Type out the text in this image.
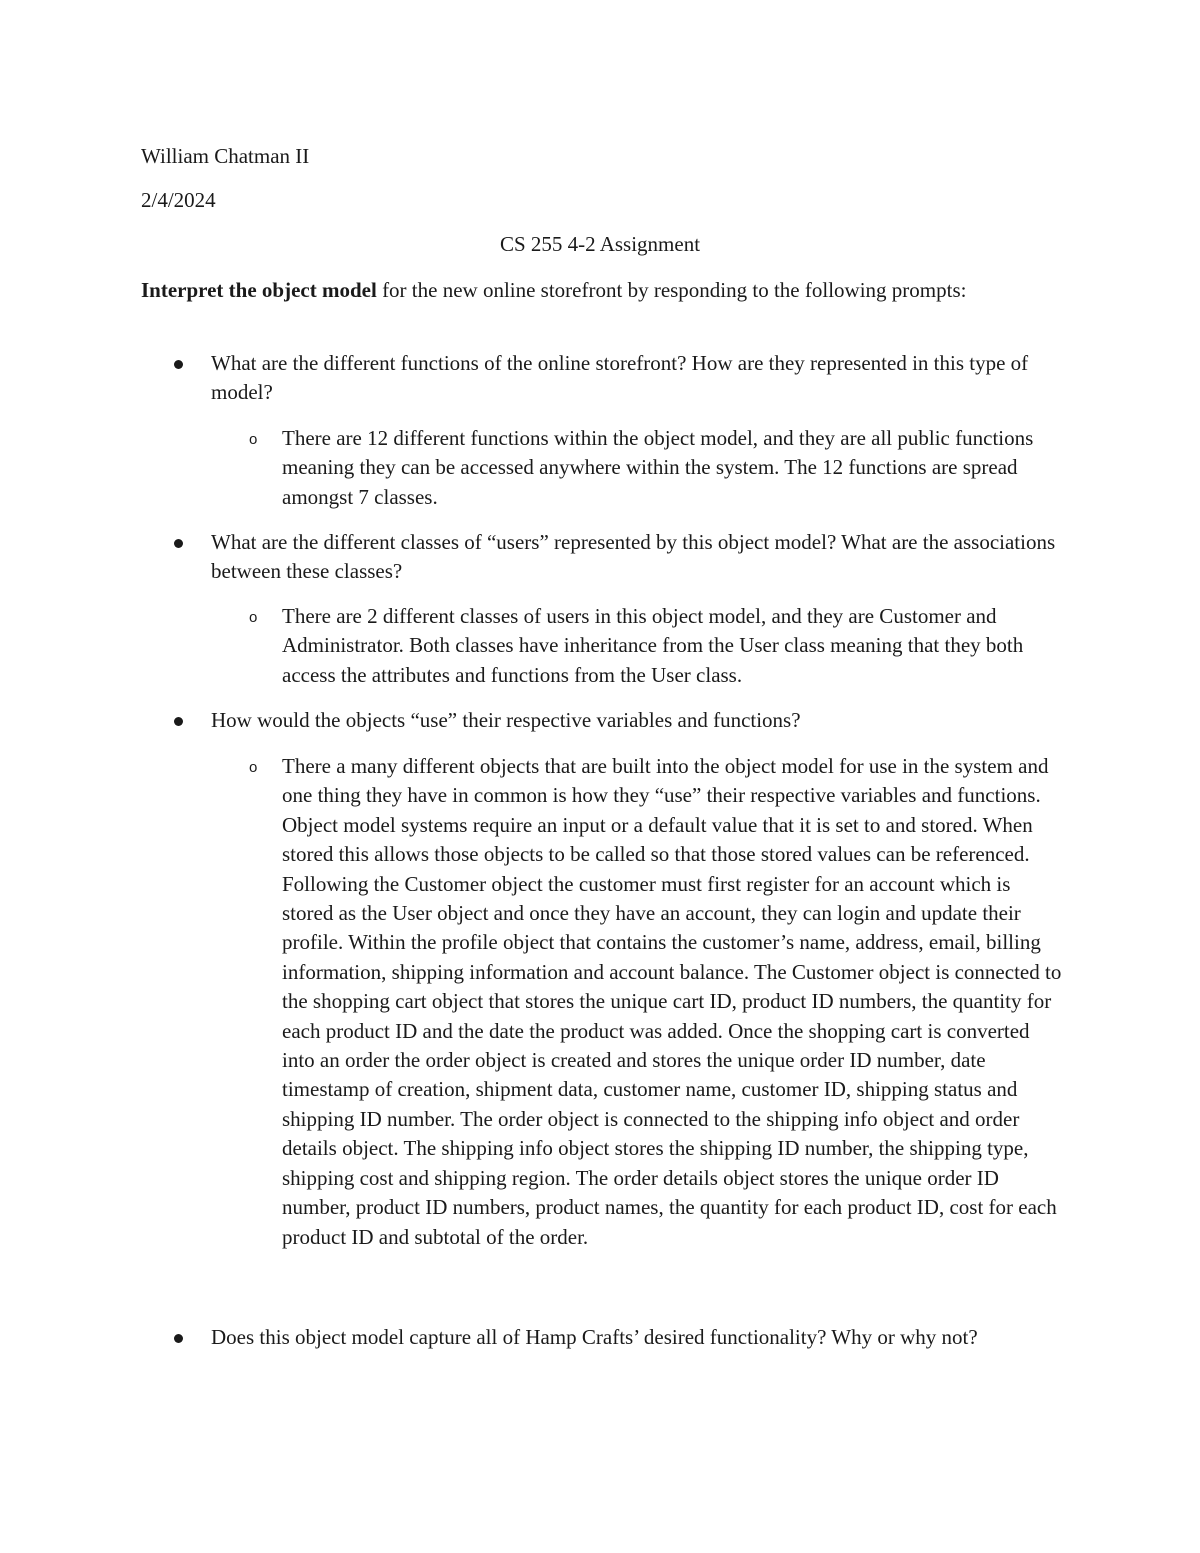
William Chatman II

2/4/2024

CS 255 4-2 Assignment

Interpret the object model for the new online storefront by responding to the following prompts:

What are the different functions of the online storefront? How are they represented in this type of model?
o There are 12 different functions within the object model, and they are all public functions meaning they can be accessed anywhere within the system. The 12 functions are spread amongst 7 classes.
What are the different classes of “users” represented by this object model? What are the associations between these classes?
o There are 2 different classes of users in this object model, and they are Customer and Administrator. Both classes have inheritance from the User class meaning that they both access the attributes and functions from the User class.
How would the objects “use” their respective variables and functions?
o There a many different objects that are built into the object model for use in the system and one thing they have in common is how they “use” their respective variables and functions. Object model systems require an input or a default value that it is set to and stored. When stored this allows those objects to be called so that those stored values can be referenced. Following the Customer object the customer must first register for an account which is stored as the User object and once they have an account, they can login and update their profile. Within the profile object that contains the customer’s name, address, email, billing information, shipping information and account balance. The Customer object is connected to the shopping cart object that stores the unique cart ID, product ID numbers, the quantity for each product ID and the date the product was added. Once the shopping cart is converted into an order the order object is created and stores the unique order ID number, date timestamp of creation, shipment data, customer name, customer ID, shipping status and shipping ID number. The order object is connected to the shipping info object and order details object. The shipping info object stores the shipping ID number, the shipping type, shipping cost and shipping region. The order details object stores the unique order ID number, product ID numbers, product names, the quantity for each product ID, cost for each product ID and subtotal of the order.
Does this object model capture all of Hamp Crafts’ desired functionality? Why or why not?
